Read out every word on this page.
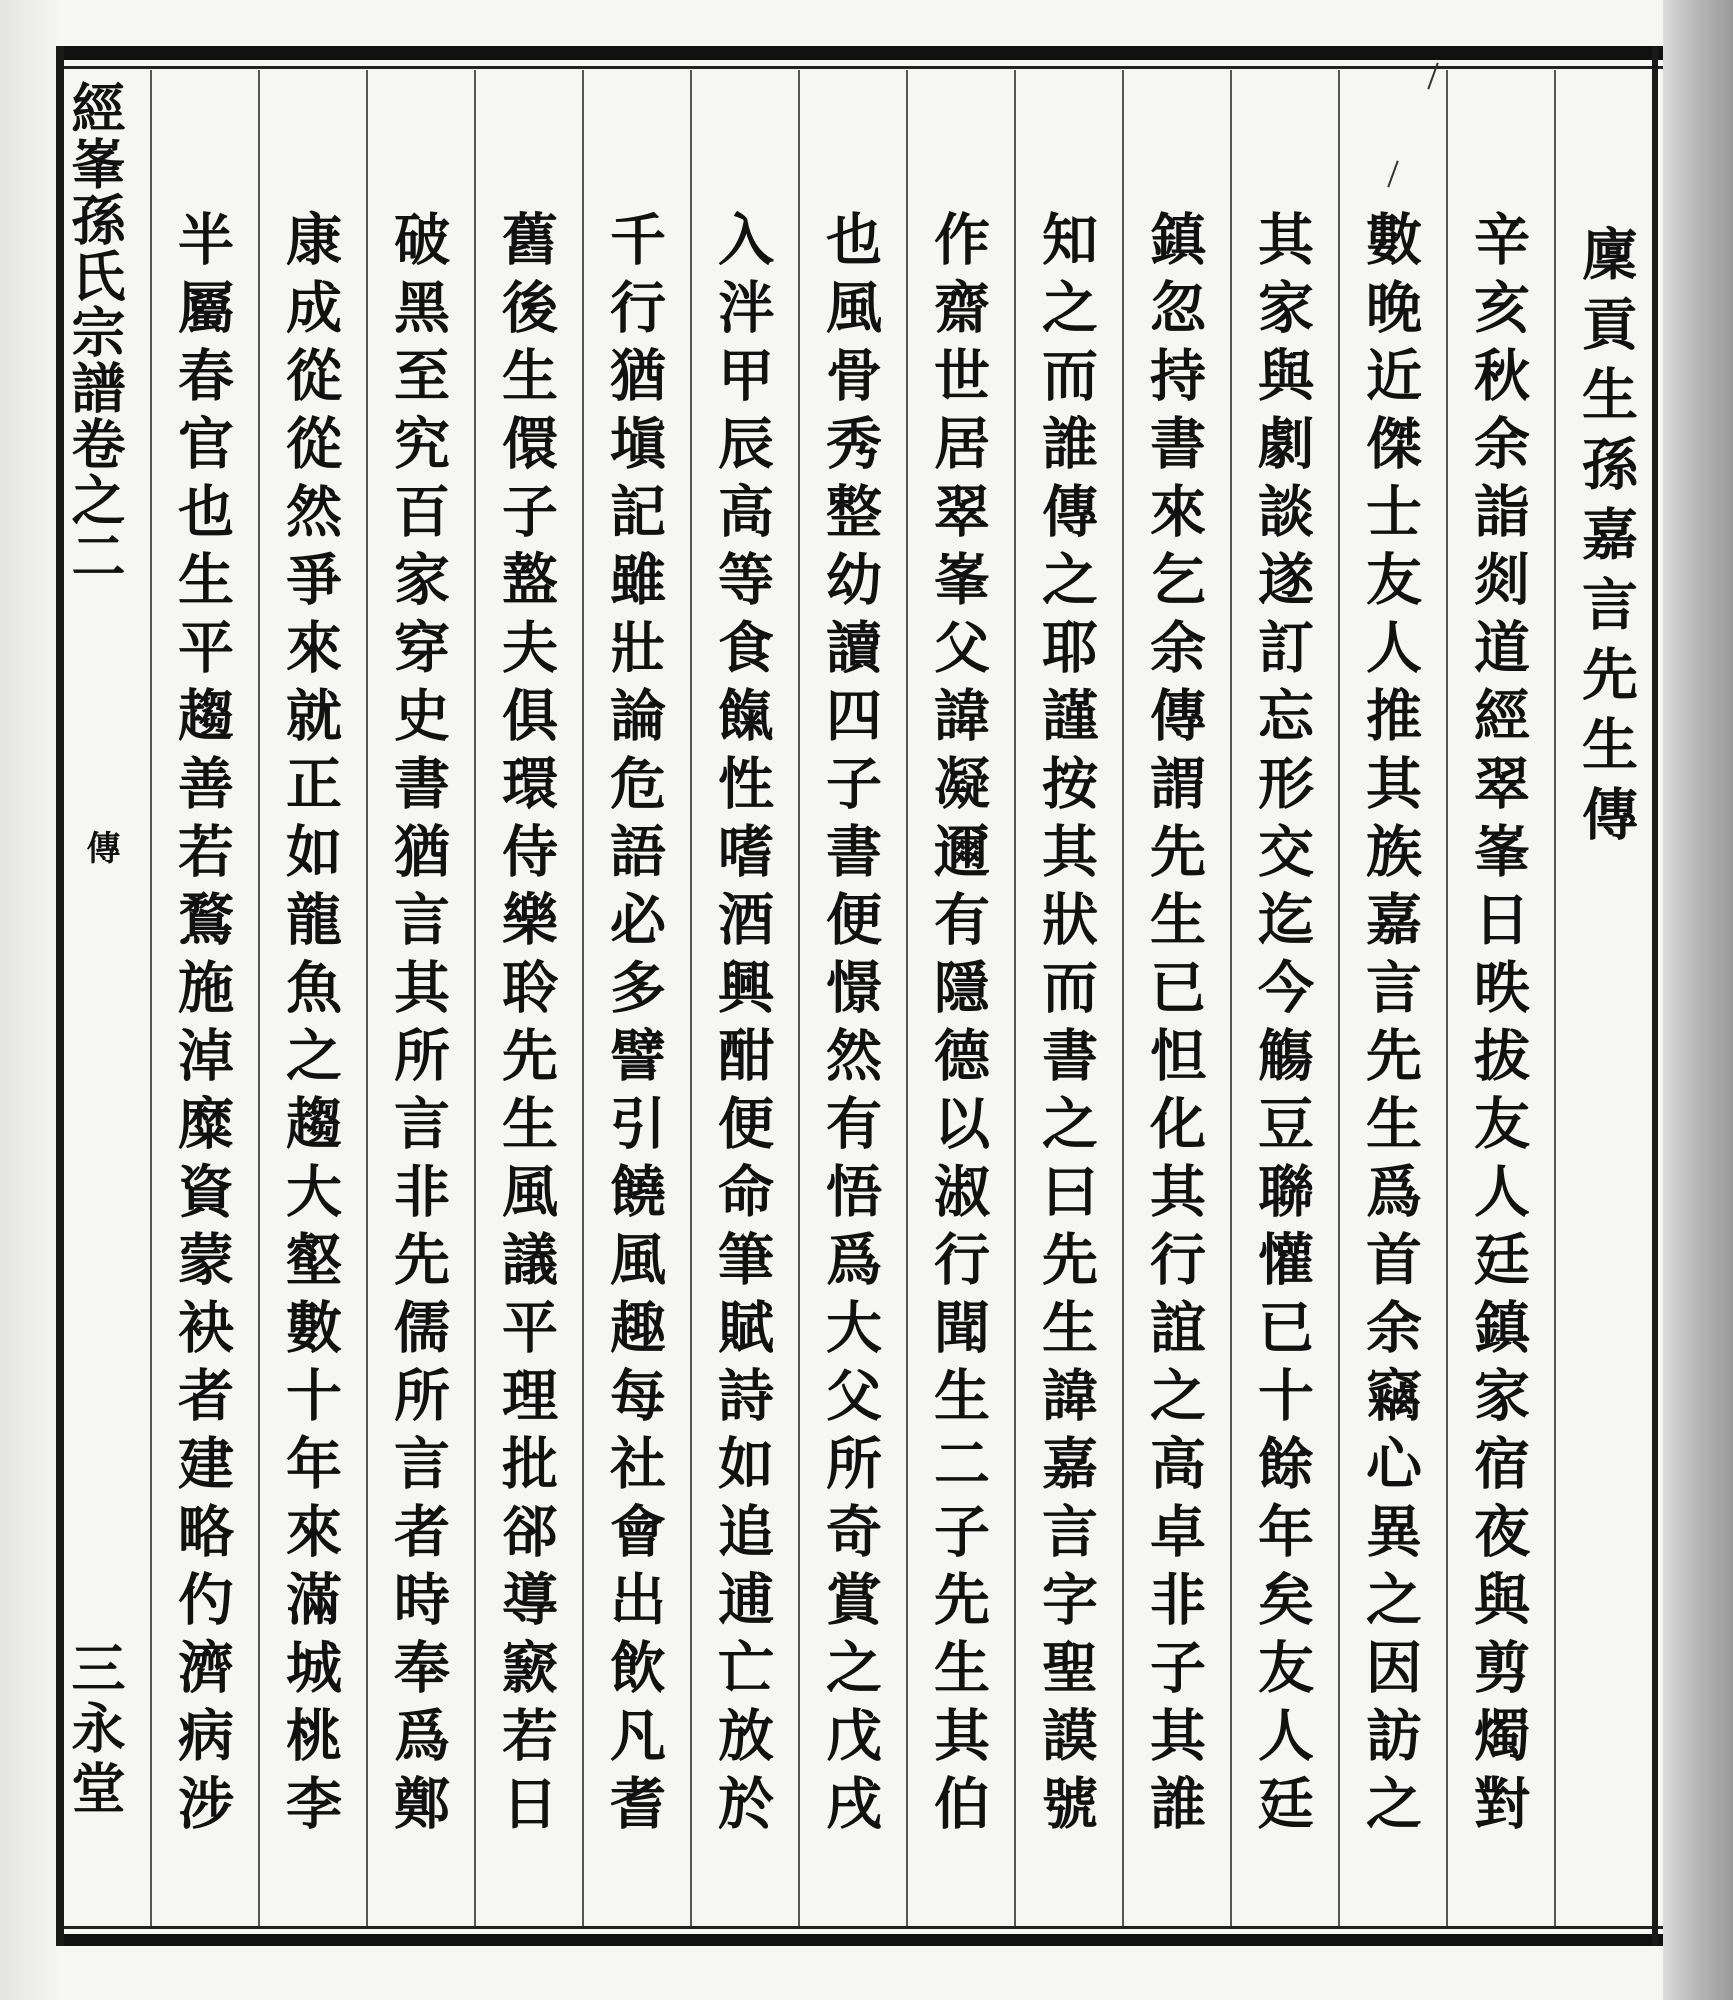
經峯孫氏宗譜卷之二
三永堂
傳	廩貢生孫嘉言先生傳
辛亥秋余詣剡道經翠峯日昳拔友人廷鎮家宿夜與剪燭對
數晚近傑士友人推其族嘉言先生爲首余竊心異之因訪之
其家與劇談遂訂忘形交迄今觴豆聯懽已十餘年矣友人廷
鎮忽持書來乞余傳謂先生已怛化其行誼之高卓非子其誰
知之而誰傳之耶謹按其狀而書之曰先生諱嘉言字聖謨號
作齋世居翠峯父諱凝邇有隱德以淑行聞生二子先生其伯
也風骨秀整幼讀四子書便憬然有悟爲大父所奇賞之戊戌
入泮甲辰高等食餼性嗜酒興酣便命筆賦詩如追逋亡放於
千行猶塡記雖壯論危語必多譬引饒風趣每社會出飲凡耆
舊後生儇子盩夫俱環侍樂聆先生風議平理批郤導窾若日
破黑至究百家穿史書猶言其所言非先儒所言者時奉爲鄭
康成從從然爭來就正如龍魚之趨大壑數十年來滿城桃李
半屬春官也生平趨善若鶩施淖糜資蒙袂者建略仢濟病涉
